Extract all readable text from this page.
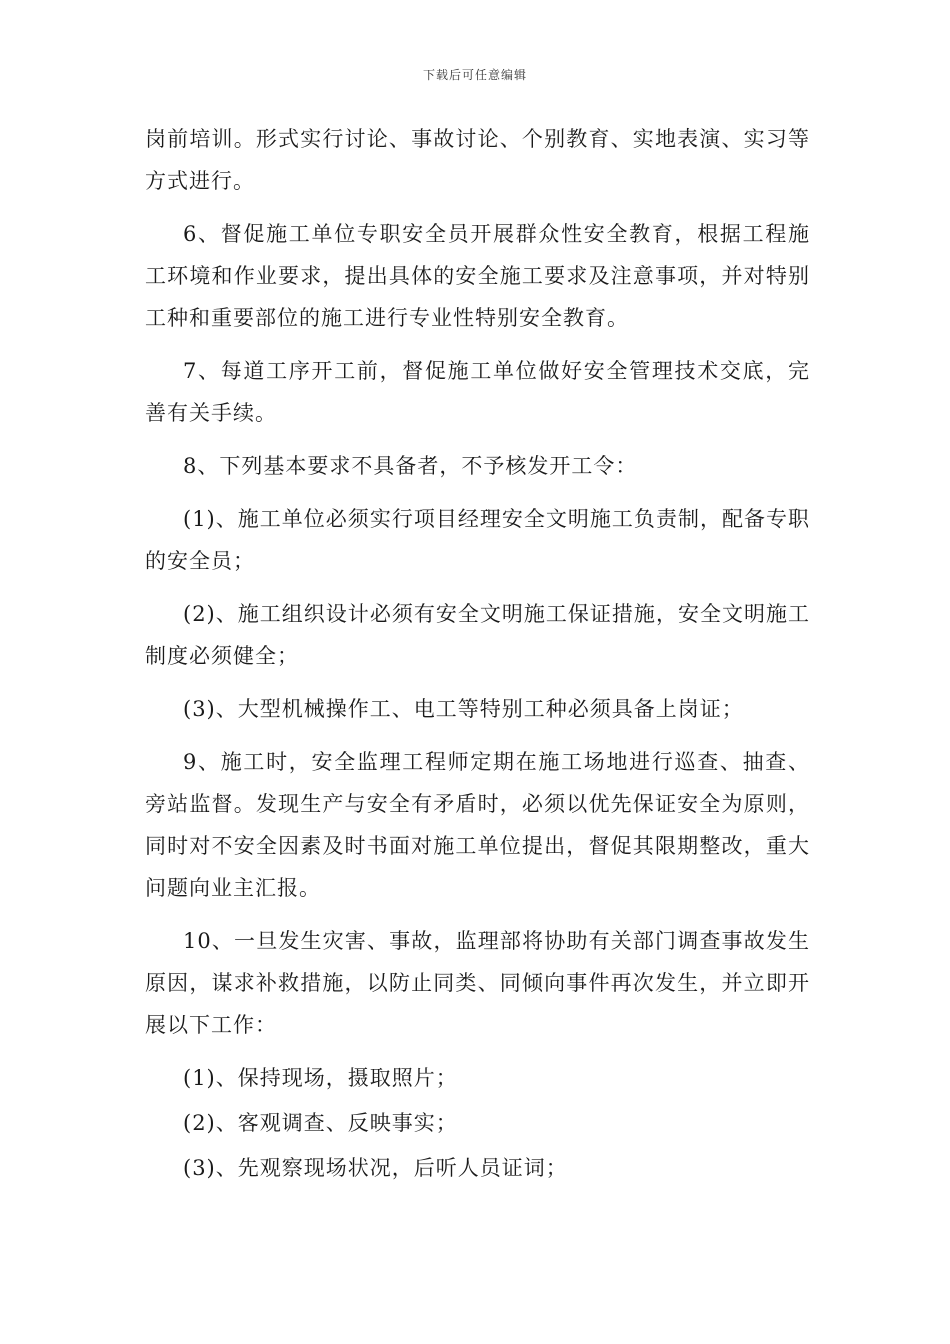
下载后可任意编辑

岗前培训。形式实行讨论、事故讨论、个别教育、实地表演、实习等方式进行。

6、督促施工单位专职安全员开展群众性安全教育，根据工程施工环境和作业要求，提出具体的安全施工要求及注意事项，并对特别工种和重要部位的施工进行专业性特别安全教育。

7、每道工序开工前，督促施工单位做好安全管理技术交底，完善有关手续。

8、下列基本要求不具备者，不予核发开工令：

(1)、施工单位必须实行项目经理安全文明施工负责制，配备专职的安全员；

(2)、施工组织设计必须有安全文明施工保证措施，安全文明施工制度必须健全；

(3)、大型机械操作工、电工等特别工种必须具备上岗证；

9、施工时，安全监理工程师定期在施工场地进行巡查、抽查、旁站监督。发现生产与安全有矛盾时，必须以优先保证安全为原则，同时对不安全因素及时书面对施工单位提出，督促其限期整改，重大问题向业主汇报。

10、一旦发生灾害、事故，监理部将协助有关部门调查事故发生原因，谋求补救措施，以防止同类、同倾向事件再次发生，并立即开展以下工作：

(1)、保持现场，摄取照片；

(2)、客观调查、反映事实；

(3)、先观察现场状况，后听人员证词；
